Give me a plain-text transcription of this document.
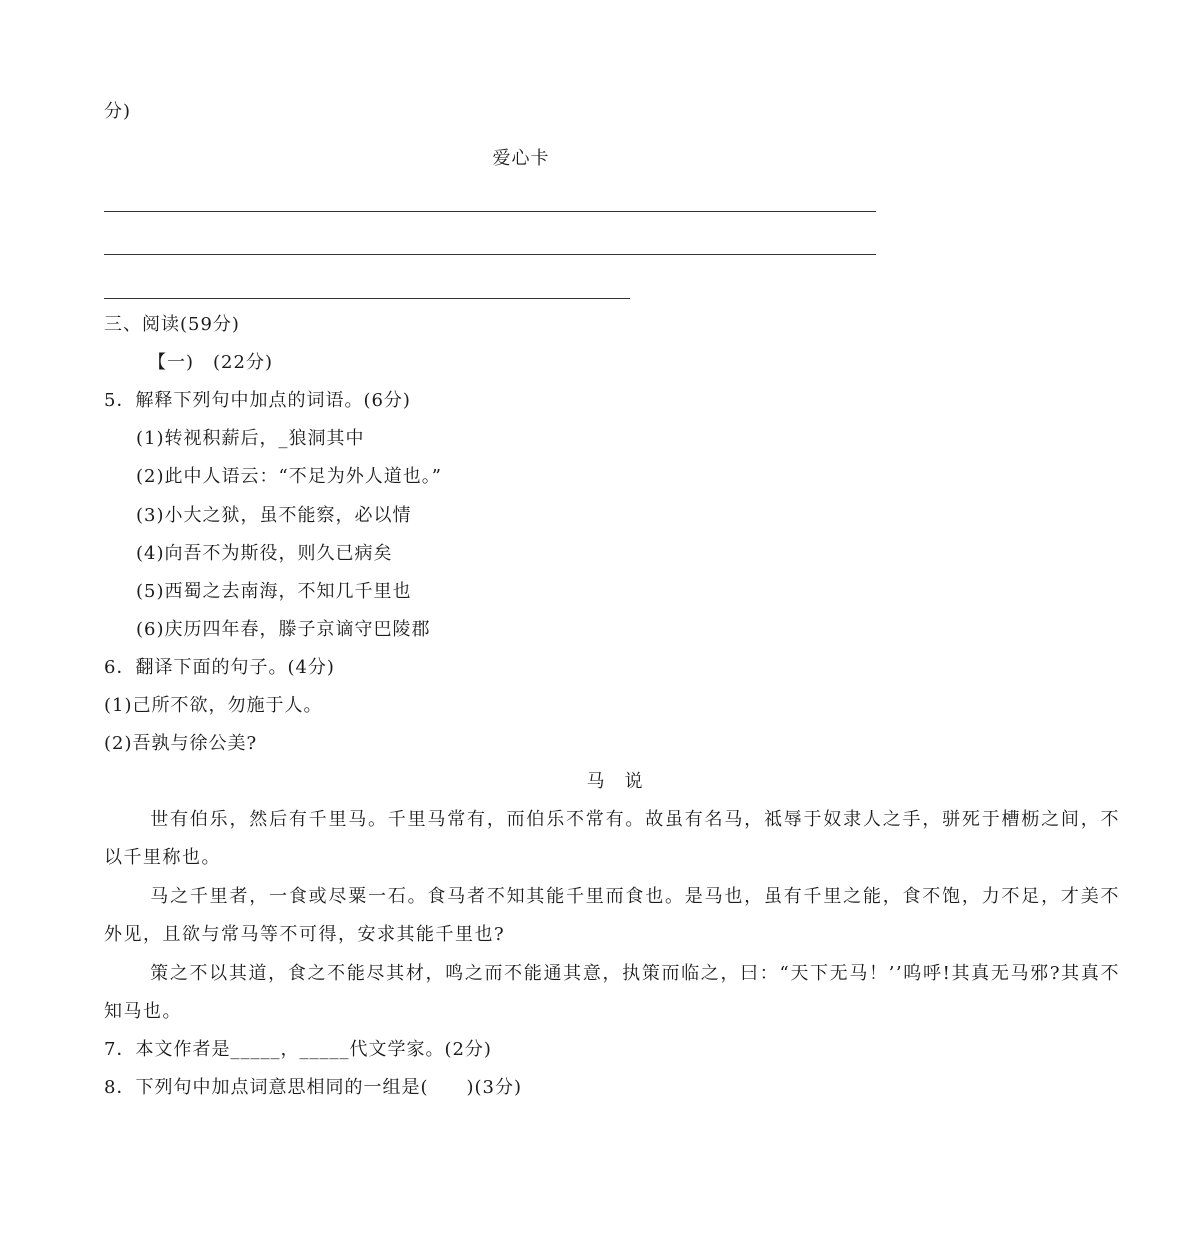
分)
爱心卡
三、阅读(59分)
【一)　(22分)
5．解释下列句中加点的词语。(6分)
(1)转视积薪后，_狼洞其中
(2)此中人语云：“不足为外人道也。”
(3)小大之狱，虽不能察，必以情
(4)向吾不为斯役，则久已病矣
(5)西蜀之去南海，不知几千里也
(6)庆历四年春，滕子京谪守巴陵郡
6．翻译下面的句子。(4分)
(1)己所不欲，勿施于人。
(2)吾孰与徐公美?
马　说
世有伯乐，然后有千里马。千里马常有，而伯乐不常有。故虽有名马，祗辱于奴隶人之手，骈死于槽枥之间，不以千里称也。
马之千里者，一食或尽粟一石。食马者不知其能千里而食也。是马也，虽有千里之能，食不饱，力不足，才美不外见，且欲与常马等不可得，安求其能千里也?
策之不以其道，食之不能尽其材，鸣之而不能通其意，执策而临之，曰：“天下无马！’’呜呼!其真无马邪?其真不知马也。
7．本文作者是_____，_____代文学家。(2分)
8．下列句中加点词意思相同的一组是(　　)(3分)
